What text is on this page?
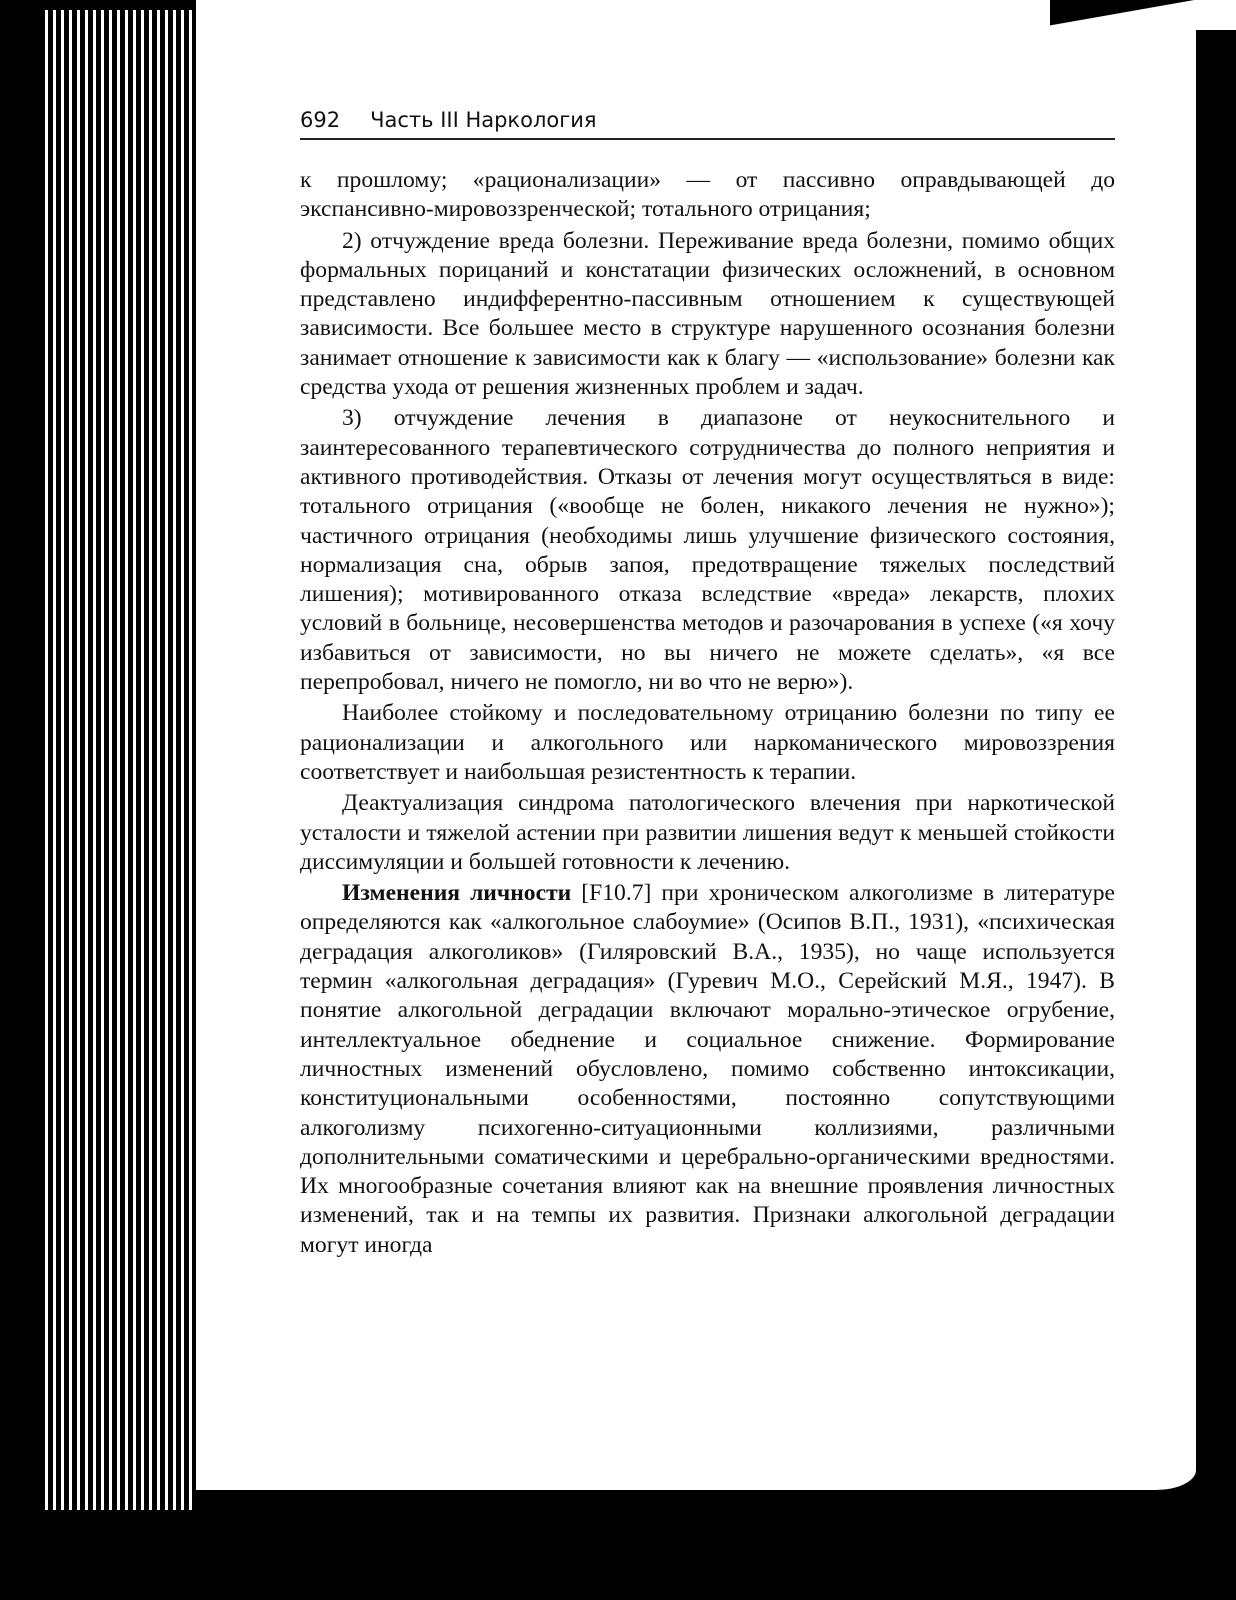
692 Часть III Наркология

к прошлому; «рационализации» — от пассивно оправдывающей до экспансивно-мировоззренческой; тотального отрицания;

2) отчуждение вреда болезни. Переживание вреда болезни, помимо общих формальных порицаний и констатации физических осложнений, в основном представлено индифферентно-пассивным отношением к существующей зависимости. Все большее место в структуре нарушенного осознания болезни занимает отношение к зависимости как к благу — «использование» болезни как средства ухода от решения жизненных проблем и задач.

3) отчуждение лечения в диапазоне от неукоснительного и заинтересованного терапевтического сотрудничества до полного неприятия и активного противодействия. Отказы от лечения могут осуществляться в виде: тотального отрицания («вообще не болен, никакого лечения не нужно»); частичного отрицания (необходимы лишь улучшение физического состояния, нормализация сна, обрыв запоя, предотвращение тяжелых последствий лишения); мотивированного отказа вследствие «вреда» лекарств, плохих условий в больнице, несовершенства методов и разочарования в успехе («я хочу избавиться от зависимости, но вы ничего не можете сделать», «я все перепробовал, ничего не помогло, ни во что не верю»).

Наиболее стойкому и последовательному отрицанию болезни по типу ее рационализации и алкогольного или наркоманического мировоззрения соответствует и наибольшая резистентность к терапии.

Деактуализация синдрома патологического влечения при наркотической усталости и тяжелой астении при развитии лишения ведут к меньшей стойкости диссимуляции и большей готовности к лечению.

Изменения личности [F10.7] при хроническом алкоголизме в литературе определяются как «алкогольное слабоумие» (Осипов В.П., 1931), «психическая деградация алкоголиков» (Гиляровский В.А., 1935), но чаще используется термин «алкогольная деградация» (Гуревич М.О., Серейский М.Я., 1947). В понятие алкогольной деградации включают морально-этическое огрубение, интеллектуальное обеднение и социальное снижение. Формирование личностных изменений обусловлено, помимо собственно интоксикации, конституциональными особенностями, постоянно сопутствующими алкоголизму психогенно-ситуационными коллизиями, различными дополнительными соматическими и церебрально-органическими вредностями. Их многообразные сочетания влияют как на внешние проявления личностных изменений, так и на темпы их развития. Признаки алкогольной деградации могут иногда
